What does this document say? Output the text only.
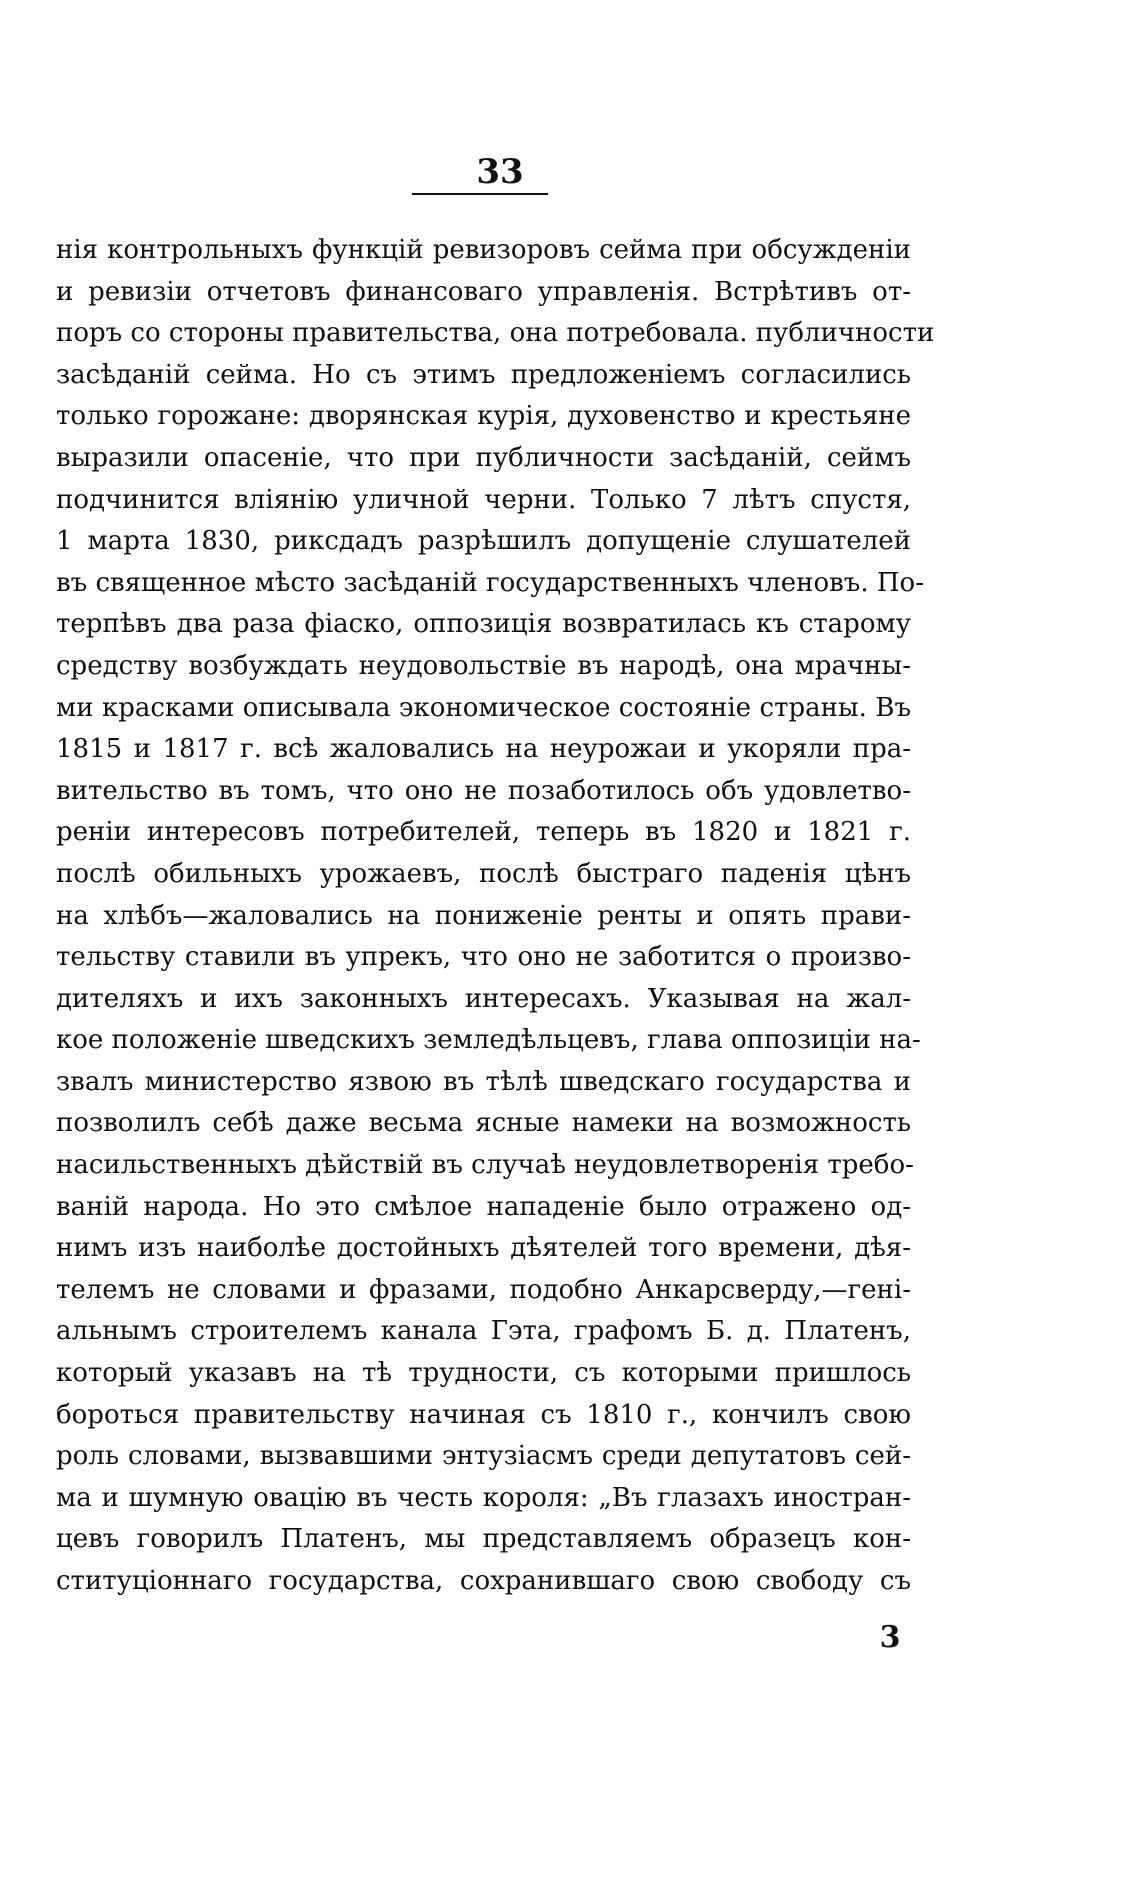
33
нія контрольныхъ функцій ревизоровъ сейма при обсужденіи
и ревизіи отчетовъ финансоваго управленія. Встрѣтивъ от-
поръ со стороны правительства, она потребовала. публичности
засѣданій сейма. Но съ этимъ предложеніемъ согласились
только горожане: дворянская курія, духовенство и крестьяне
выразили опасеніе, что при публичности засѣданій, сеймъ
подчинится вліянію уличной черни. Только 7 лѣтъ спустя,
1 марта 1830, риксдадъ разрѣшилъ допущеніе слушателей
въ священное мѣсто засѣданій государственныхъ членовъ. По-
терпѣвъ два раза фіаско, оппозиція возвратилась къ старому
средству возбуждать неудовольствіе въ народѣ, она мрачны-
ми красками описывала экономическое состояніе страны. Въ
1815 и 1817 г. всѣ жаловались на неурожаи и укоряли пра-
вительство въ томъ, что оно не позаботилось объ удовлетво-
реніи интересовъ потребителей, теперь въ 1820 и 1821 г.
послѣ обильныхъ урожаевъ, послѣ быстраго паденія цѣнъ
на хлѣбъ—жаловались на пониженіе ренты и опять прави-
тельству ставили въ упрекъ, что оно не заботится о произво-
дителяхъ и ихъ законныхъ интересахъ. Указывая на жал-
кое положеніе шведскихъ земледѣльцевъ, глава оппозиціи на-
звалъ министерство язвою въ тѣлѣ шведскаго государства и
позволилъ себѣ даже весьма ясные намеки на возможность
насильственныхъ дѣйствій въ случаѣ неудовлетворенія требо-
ваній народа. Но это смѣлое нападеніе было отражено од-
нимъ изъ наиболѣе достойныхъ дѣятелей того времени, дѣя-
телемъ не словами и фразами, подобно Анкарсверду,—гені-
альнымъ строителемъ канала Гэта, графомъ Б. д. Платенъ,
который указавъ на тѣ трудности, съ которыми пришлось
бороться правительству начиная съ 1810 г., кончилъ свою
роль словами, вызвавшими энтузіасмъ среди депутатовъ сей-
ма и шумную овацію въ честь короля: „Въ глазахъ иностран-
цевъ говорилъ Платенъ, мы представляемъ образецъ кон-
ституціоннаго государства, сохранившаго свою свободу съ
3
